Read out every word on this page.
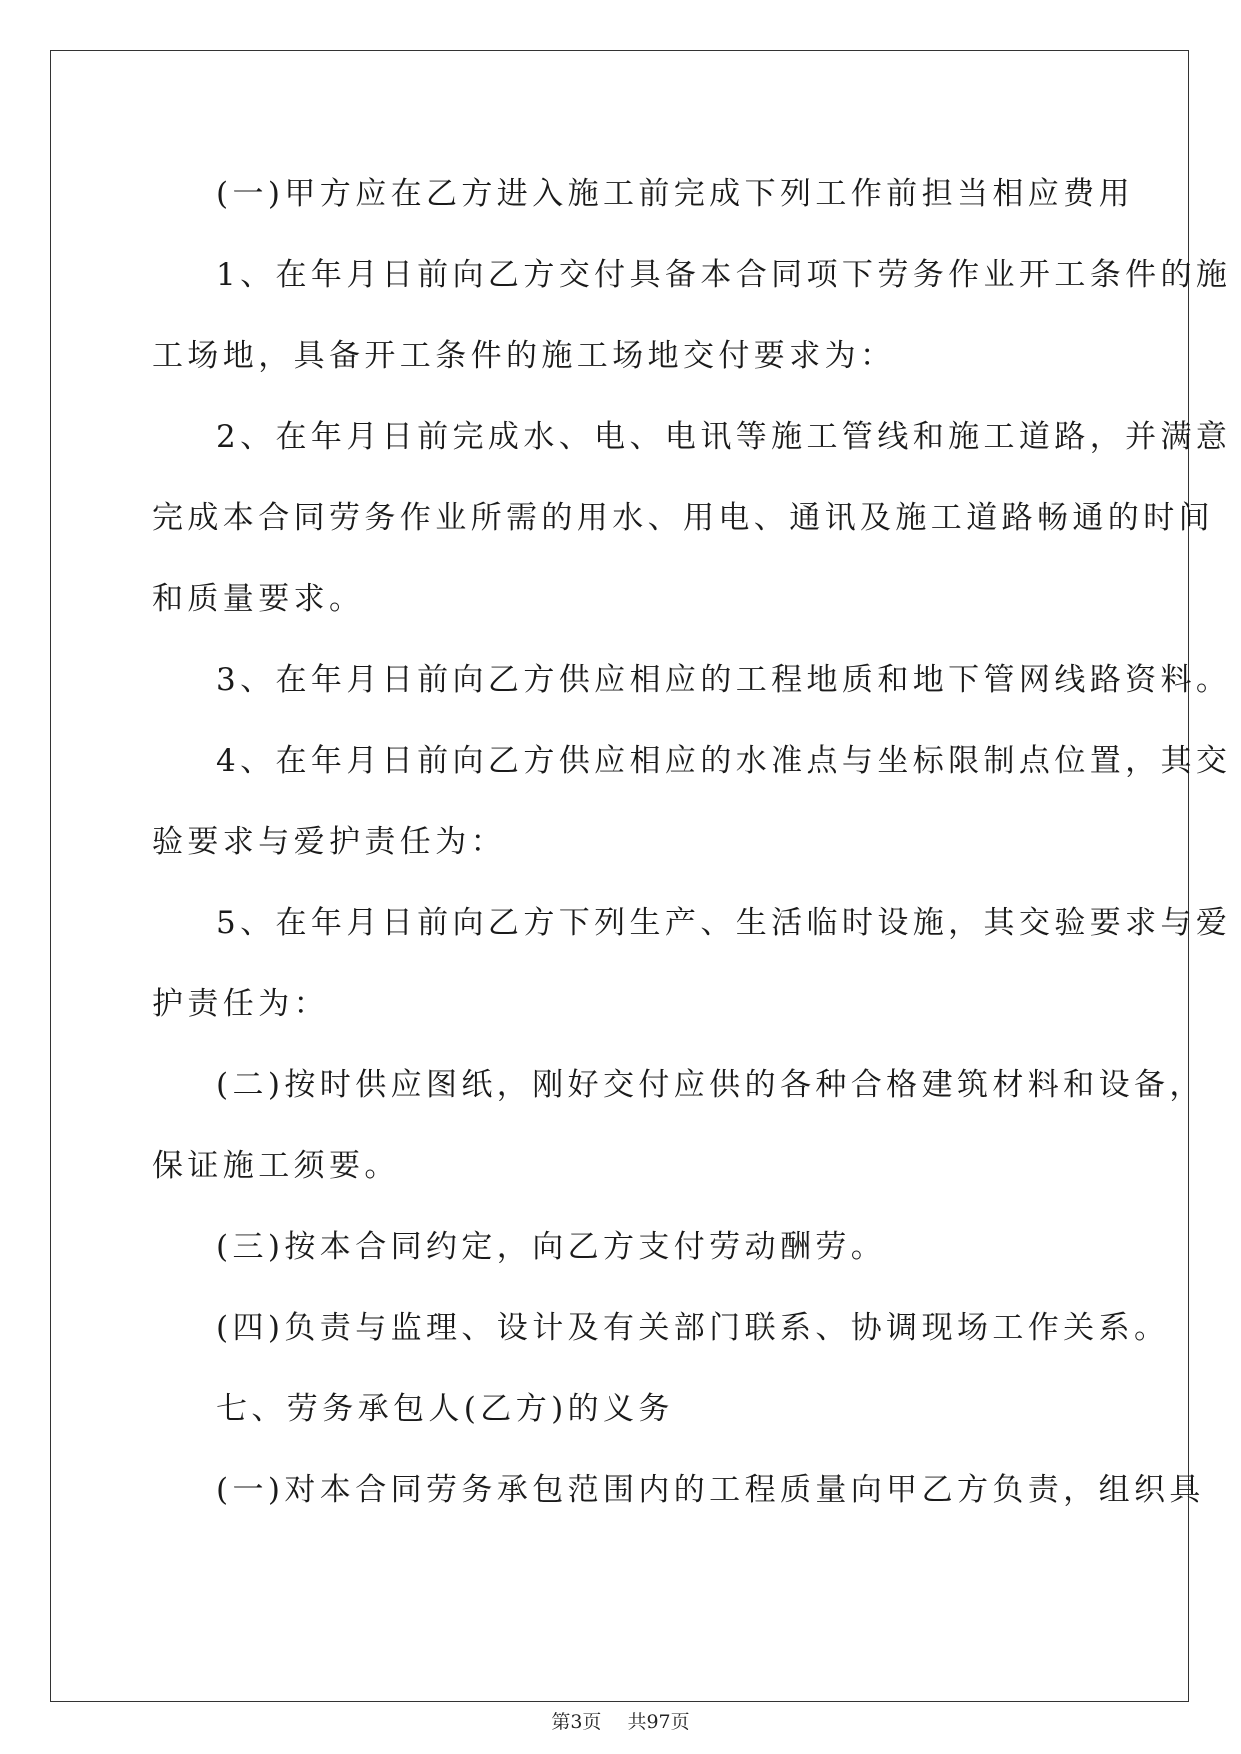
(一)甲方应在乙方进入施工前完成下列工作前担当相应费用
1、在年月日前向乙方交付具备本合同项下劳务作业开工条件的施
工场地，具备开工条件的施工场地交付要求为：
2、在年月日前完成水、电、电讯等施工管线和施工道路，并满意
完成本合同劳务作业所需的用水、用电、通讯及施工道路畅通的时间
和质量要求。
3、在年月日前向乙方供应相应的工程地质和地下管网线路资料。
4、在年月日前向乙方供应相应的水准点与坐标限制点位置，其交
验要求与爱护责任为：
5、在年月日前向乙方下列生产、生活临时设施，其交验要求与爱
护责任为：
(二)按时供应图纸，刚好交付应供的各种合格建筑材料和设备，
保证施工须要。
(三)按本合同约定，向乙方支付劳动酬劳。
(四)负责与监理、设计及有关部门联系、协调现场工作关系。
七、劳务承包人(乙方)的义务
(一)对本合同劳务承包范围内的工程质量向甲乙方负责，组织具
第3页 共97页
